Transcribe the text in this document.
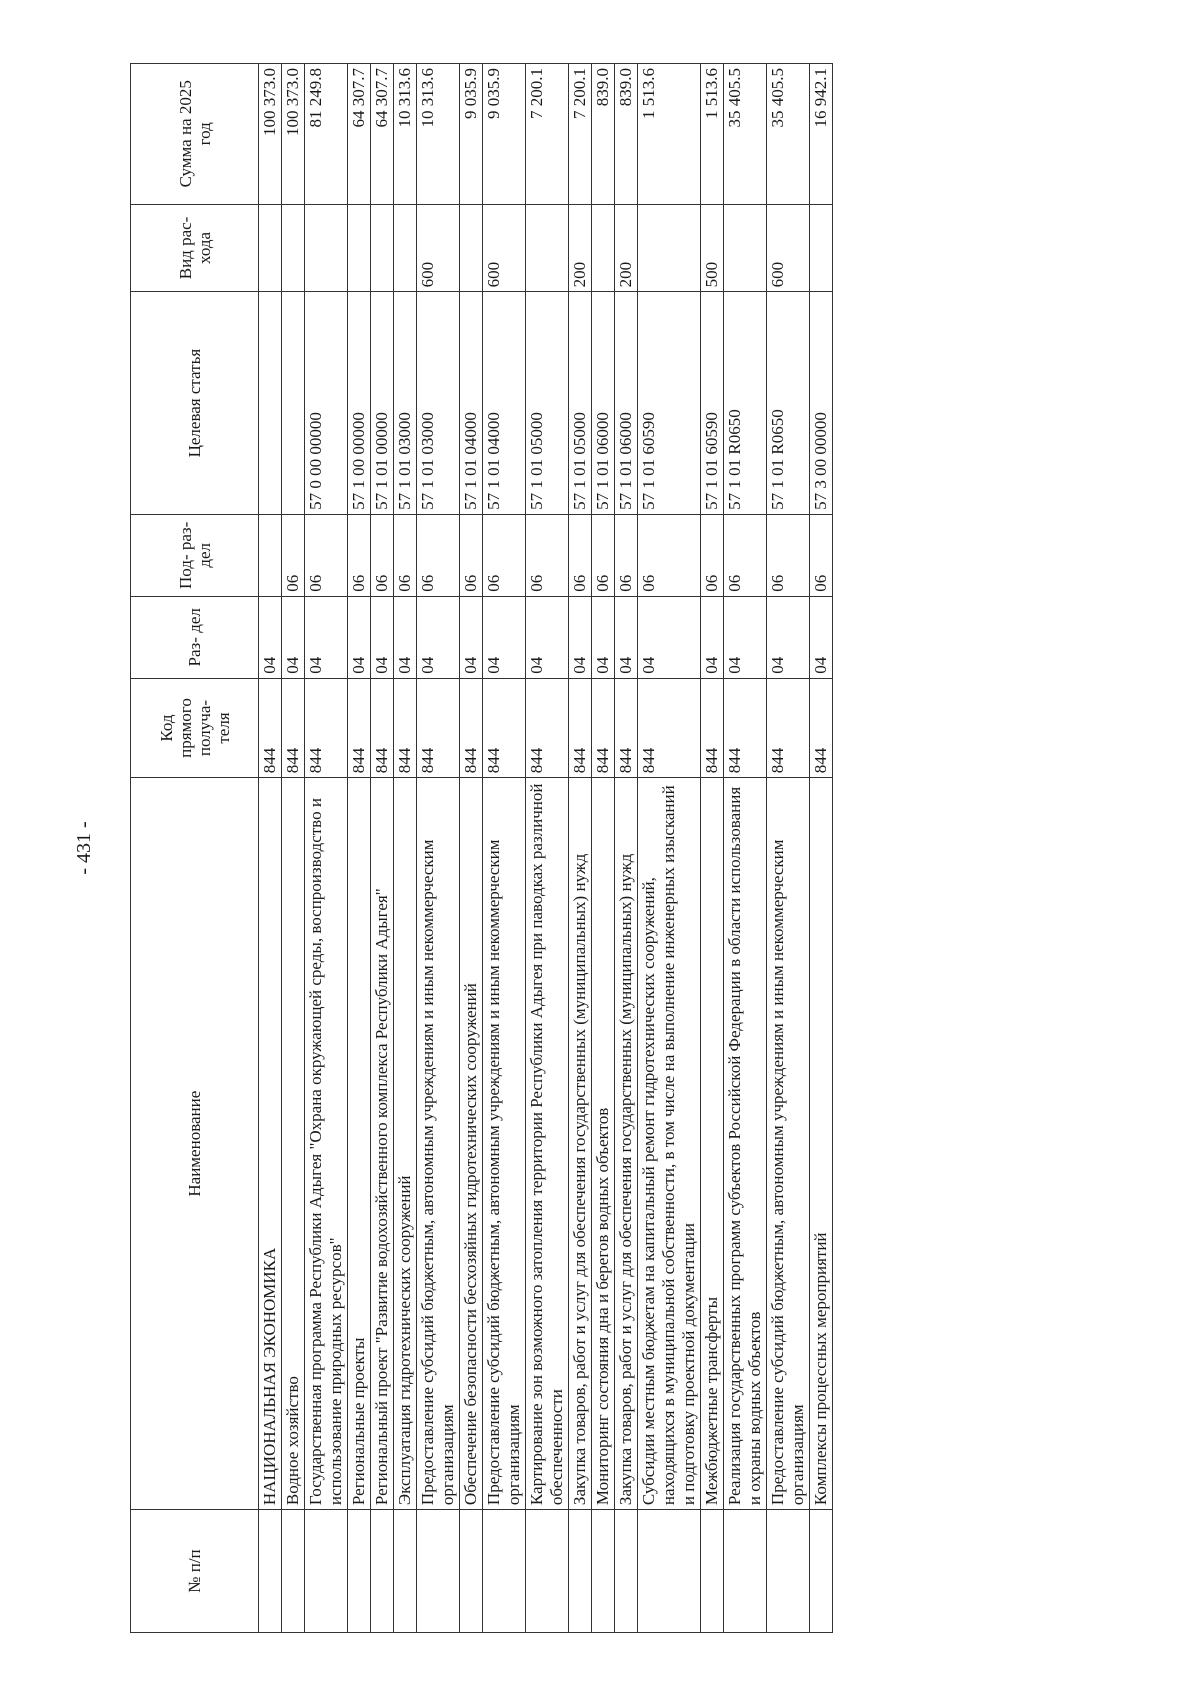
- 431 -
№ п/п	Наименование	Код прямого получа- теля	Раз- дел	Под- раз- дел	Целевая статья	Вид рас- хода	Сумма на 2025 год
	НАЦИОНАЛЬНАЯ ЭКОНОМИКА	844	04				100 373.0
	Водное хозяйство	844	04	06			100 373.0
	Государственная программа Республики Адыгея "Охрана окружающей среды, воспроизводство и использование природных ресурсов"	844	04	06	57 0 00 00000		81 249.8
	Региональные проекты	844	04	06	57 1 00 00000		64 307.7
	Региональный проект "Развитие водохозяйственного комплекса Республики Адыгея"	844	04	06	57 1 01 00000		64 307.7
	Эксплуатация гидротехнических сооружений	844	04	06	57 1 01 03000		10 313.6
	Предоставление субсидий бюджетным, автономным учреждениям и иным некоммерческим организациям	844	04	06	57 1 01 03000	600	10 313.6
	Обеспечение безопасности бесхозяйных гидротехнических сооружений	844	04	06	57 1 01 04000		9 035.9
	Предоставление субсидий бюджетным, автономным учреждениям и иным некоммерческим организациям	844	04	06	57 1 01 04000	600	9 035.9
	Картирование зон возможного затопления территории Республики Адыгея при паводках различной обеспеченности	844	04	06	57 1 01 05000		7 200.1
	Закупка товаров, работ и услуг для обеспечения государственных (муниципальных) нужд	844	04	06	57 1 01 05000	200	7 200.1
	Мониторинг состояния дна и берегов водных объектов	844	04	06	57 1 01 06000		839.0
	Закупка товаров, работ и услуг для обеспечения государственных (муниципальных) нужд	844	04	06	57 1 01 06000	200	839.0
	Субсидии местным бюджетам на капитальный ремонт гидротехнических сооружений, находящихся в муниципальной собственности, в том числе на выполнение инженерных изысканий и подготовку проектной документации	844	04	06	57 1 01 60590		1 513.6
	Межбюджетные трансферты	844	04	06	57 1 01 60590	500	1 513.6
	Реализация государственных программ субъектов Российской Федерации в области использования и охраны водных объектов	844	04	06	57 1 01 R0650		35 405.5
	Предоставление субсидий бюджетным, автономным учреждениям и иным некоммерческим организациям	844	04	06	57 1 01 R0650	600	35 405.5
	Комплексы процессных мероприятий	844	04	06	57 3 00 00000		16 942.1
